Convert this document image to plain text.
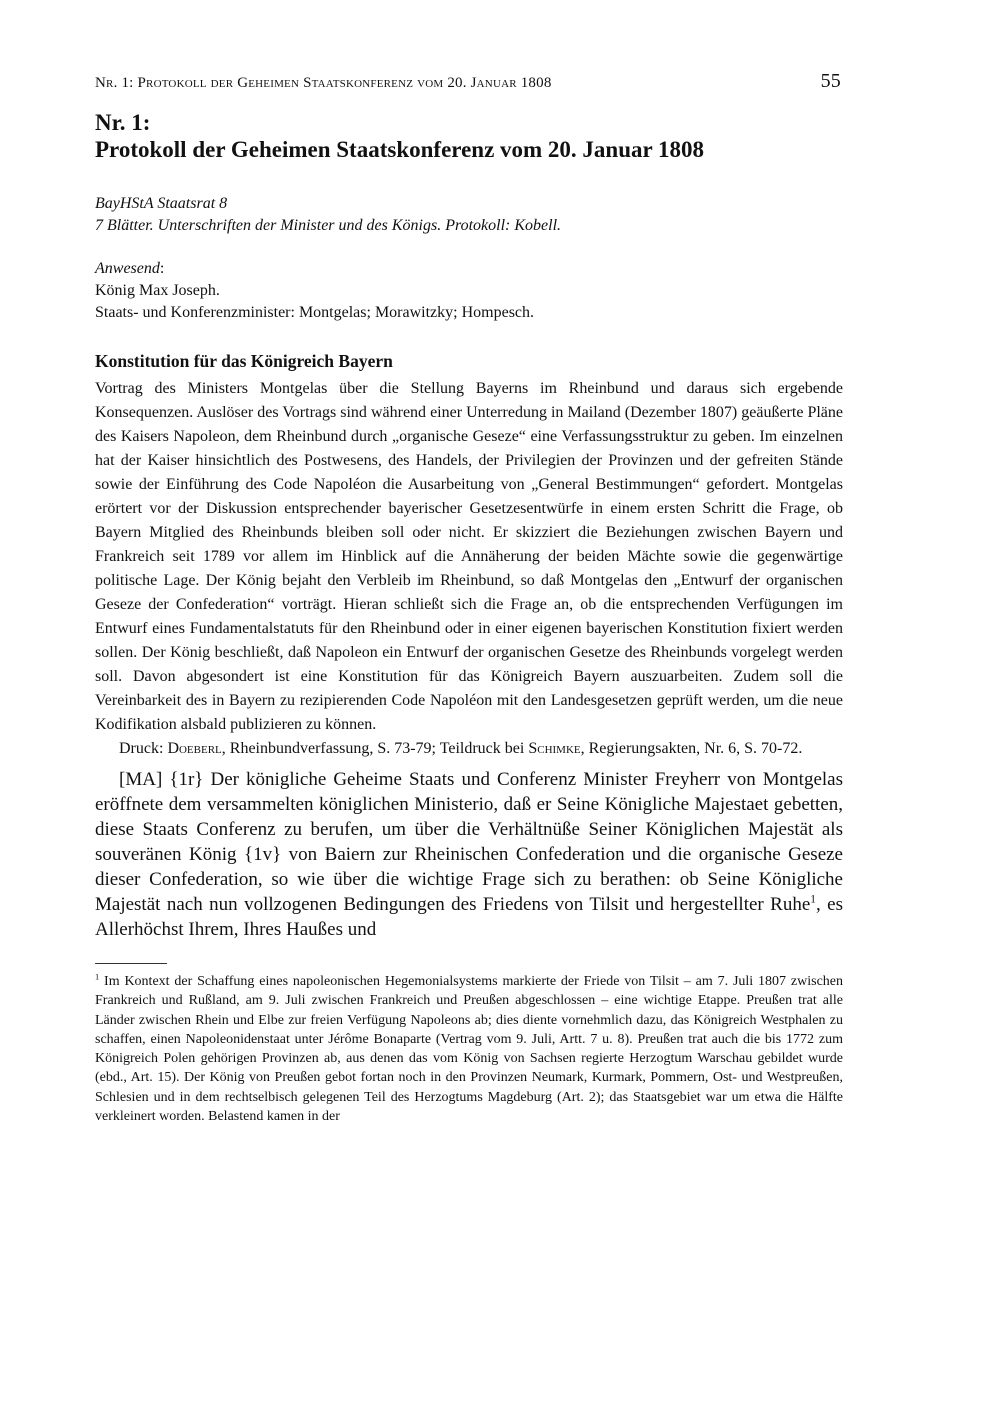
Nr. 1: Protokoll der Geheimen Staatskonferenz vom 20. Januar 1808	55
Nr. 1:
Protokoll der Geheimen Staatskonferenz vom 20. Januar 1808
BayHStA Staatsrat 8
7 Blätter. Unterschriften der Minister und des Königs. Protokoll: Kobell.
Anwesend:
König Max Joseph.
Staats- und Konferenzminister: Montgelas; Morawitzky; Hompesch.
Konstitution für das Königreich Bayern

Vortrag des Ministers Montgelas über die Stellung Bayerns im Rheinbund und daraus sich ergebende Konsequenzen. Auslöser des Vortrags sind während einer Unterredung in Mailand (Dezember 1807) geäußerte Pläne des Kaisers Napoleon, dem Rheinbund durch „organische Geseze“ eine Verfassungsstruktur zu geben. Im einzelnen hat der Kaiser hinsichtlich des Postwesens, des Handels, der Privilegien der Provinzen und der gefreiten Stände sowie der Einführung des Code Napoléon die Ausarbeitung von „General Bestimmungen“ gefordert. Montgelas erörtert vor der Diskussion entsprechender bayerischer Gesetzesentwürfe in einem ersten Schritt die Frage, ob Bayern Mitglied des Rheinbunds bleiben soll oder nicht. Er skizziert die Beziehungen zwischen Bayern und Frankreich seit 1789 vor allem im Hinblick auf die Annäherung der beiden Mächte sowie die gegenwärtige politische Lage. Der König bejaht den Verbleib im Rheinbund, so daß Montgelas den „Entwurf der organischen Geseze der Confederation“ vorträgt. Hieran schließt sich die Frage an, ob die entsprechenden Verfügungen im Entwurf eines Fundamentalstatuts für den Rheinbund oder in einer eigenen bayerischen Konstitution fixiert werden sollen. Der König beschließt, daß Napoleon ein Entwurf der organischen Gesetze des Rheinbunds vorgelegt werden soll. Davon abgesondert ist eine Konstitution für das Königreich Bayern auszuarbeiten. Zudem soll die Vereinbarkeit des in Bayern zu rezipierenden Code Napoléon mit den Landesgesetzen geprüft werden, um die neue Kodifikation alsbald publizieren zu können.

Druck: Doeberl, Rheinbundverfassung, S. 73-79; Teildruck bei Schimke, Regierungsakten, Nr. 6, S. 70-72.

[MA] {1r} Der königliche Geheime Staats und Conferenz Minister Freyherr von Montgelas eröffnete dem versammelten königlichen Ministerio, daß er Seine Königliche Majestaet gebetten, diese Staats Conferenz zu berufen, um über die Verhältnüße Seiner Königlichen Majestät als souveränen König {1v} von Baiern zur Rheinischen Confederation und die organische Geseze dieser Confederation, so wie über die wichtige Frage sich zu berathen: ob Seine Königliche Majestät nach nun vollzogenen Bedingungen des Friedens von Tilsit und hergestellter Ruhe$^1$, es Allerhöchst Ihrem, Ihres Haußes und

$^1$ Im Kontext der Schaffung eines napoleonischen Hegemonialsystems markierte der Friede von Tilsit – am 7. Juli 1807 zwischen Frankreich und Rußland, am 9. Juli zwischen Frankreich und Preußen abgeschlossen – eine wichtige Etappe. Preußen trat alle Länder zwischen Rhein und Elbe zur freien Verfügung Napoleons ab; dies diente vornehmlich dazu, das Königreich Westphalen zu schaffen, einen Napoleonidenstaat unter Jérôme Bonaparte (Vertrag vom 9. Juli, Artt. 7 u. 8). Preußen trat auch die bis 1772 zum Königreich Polen gehörigen Provinzen ab, aus denen das vom König von Sachsen regierte Herzogtum Warschau gebildet wurde (ebd., Art. 15). Der König von Preußen gebot fortan noch in den Provinzen Neumark, Kurmark, Pommern, Ost- und Westpreußen, Schlesien und in dem rechtselbisch gelegenen Teil des Herzogtums Magdeburg (Art. 2); das Staatsgebiet war um etwa die Hälfte verkleinert worden. Belastend kamen in der
